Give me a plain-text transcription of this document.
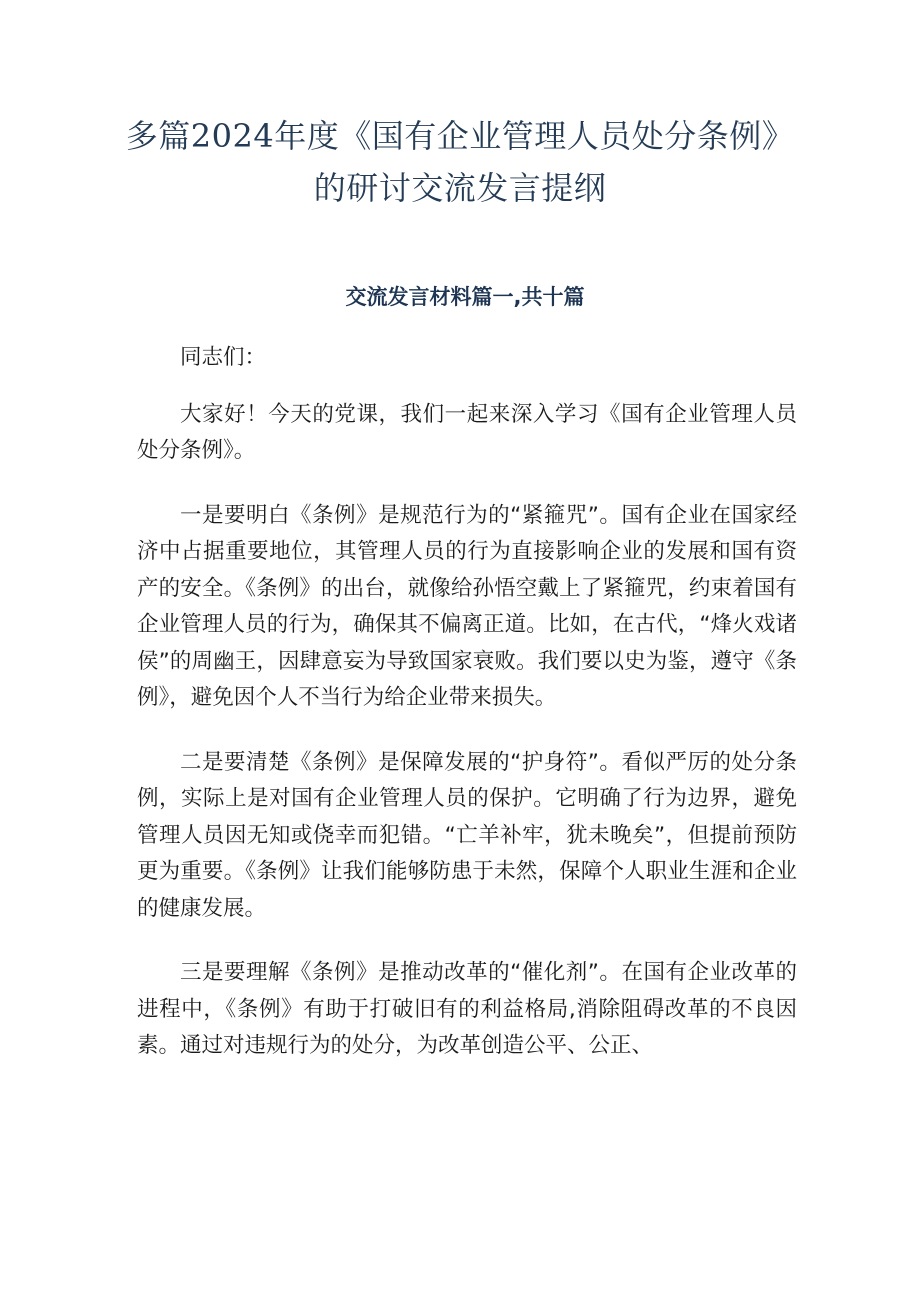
多篇2024年度《国有企业管理人员处分条例》的研讨交流发言提纲
交流发言材料篇一,共十篇

同志们：

大家好！今天的党课，我们一起来深入学习《国有企业管理人员处分条例》。

一是要明白《条例》是规范行为的“紧箍咒”。国有企业在国家经济中占据重要地位，其管理人员的行为直接影响企业的发展和国有资产的安全。《条例》的出台，就像给孙悟空戴上了紧箍咒，约束着国有企业管理人员的行为，确保其不偏离正道。比如，在古代，“烽火戏诸侯”的周幽王，因肆意妄为导致国家衰败。我们要以史为鉴，遵守《条例》，避免因个人不当行为给企业带来损失。

二是要清楚《条例》是保障发展的“护身符”。看似严厉的处分条例，实际上是对国有企业管理人员的保护。它明确了行为边界，避免管理人员因无知或侥幸而犯错。“亡羊补牢，犹未晚矣”，但提前预防更为重要。《条例》让我们能够防患于未然，保障个人职业生涯和企业的健康发展。

三是要理解《条例》是推动改革的“催化剂”。在国有企业改革的进程中，《条例》有助于打破旧有的利益格局,消除阻碍改革的不良因素。通过对违规行为的处分，为改革创造公平、公正、
